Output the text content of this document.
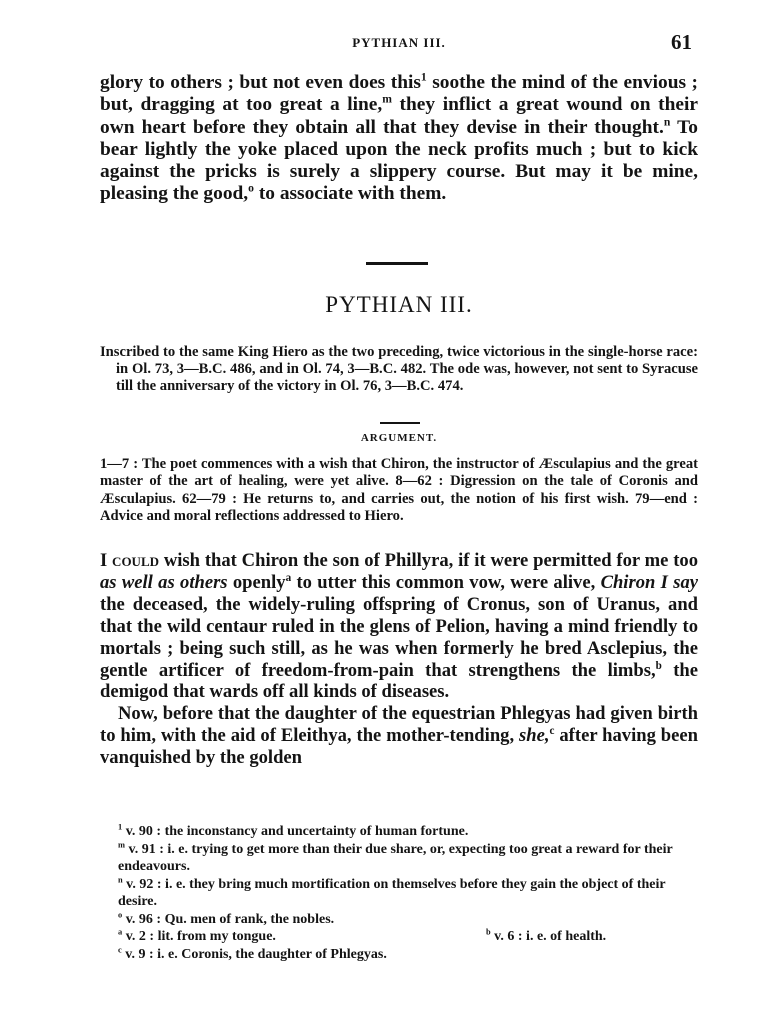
PYTHIAN III.	61

glory to others ; but not even does this$^1$ soothe the mind of the envious ; but, dragging at too great a line,$^m$ they inflict a great wound on their own heart before they obtain all that they devise in their thought.$^n$ To bear lightly the yoke placed upon the neck profits much ; but to kick against the pricks is surely a slippery course. But may it be mine, pleasing the good,$^o$ to associate with them.

PYTHIAN III.

Inscribed to the same King Hiero as the two preceding, twice victorious in the single-horse race: in Ol. 73, 3—B.C. 486, and in Ol. 74, 3—B.C. 482. The ode was, however, not sent to Syracuse till the anniversary of the victory in Ol. 76, 3—B.C. 474.

ARGUMENT.

1—7 : The poet commences with a wish that Chiron, the instructor of Æsculapius and the great master of the art of healing, were yet alive. 8—62 : Digression on the tale of Coronis and Æsculapius. 62—79 : He returns to, and carries out, the notion of his first wish. 79—end : Advice and moral reflections addressed to Hiero.

I could wish that Chiron the son of Phillyra, if it were permitted for me too as well as others openly$^a$ to utter this common vow, were alive, Chiron I say the deceased, the widely-ruling offspring of Cronus, son of Uranus, and that the wild centaur ruled in the glens of Pelion, having a mind friendly to mortals ; being such still, as he was when formerly he bred Asclepius, the gentle artificer of freedom-from-pain that strengthens the limbs,$^b$ the demigod that wards off all kinds of diseases.

Now, before that the daughter of the equestrian Phlegyas had given birth to him, with the aid of Eleithya, the mother-tending, she,$^c$ after having been vanquished by the golden

$^1$ v. 90 : the inconstancy and uncertainty of human fortune.
$^m$ v. 91 : i. e. trying to get more than their due share, or, expecting too great a reward for their endeavours.
$^n$ v. 92 : i. e. they bring much mortification on themselves before they gain the object of their desire.
$^o$ v. 96 : Qu. men of rank, the nobles.
$^a$ v. 2 : lit. from my tongue.	$^b$ v. 6 : i. e. of health.
$^c$ v. 9 : i. e. Coronis, the daughter of Phlegyas.
